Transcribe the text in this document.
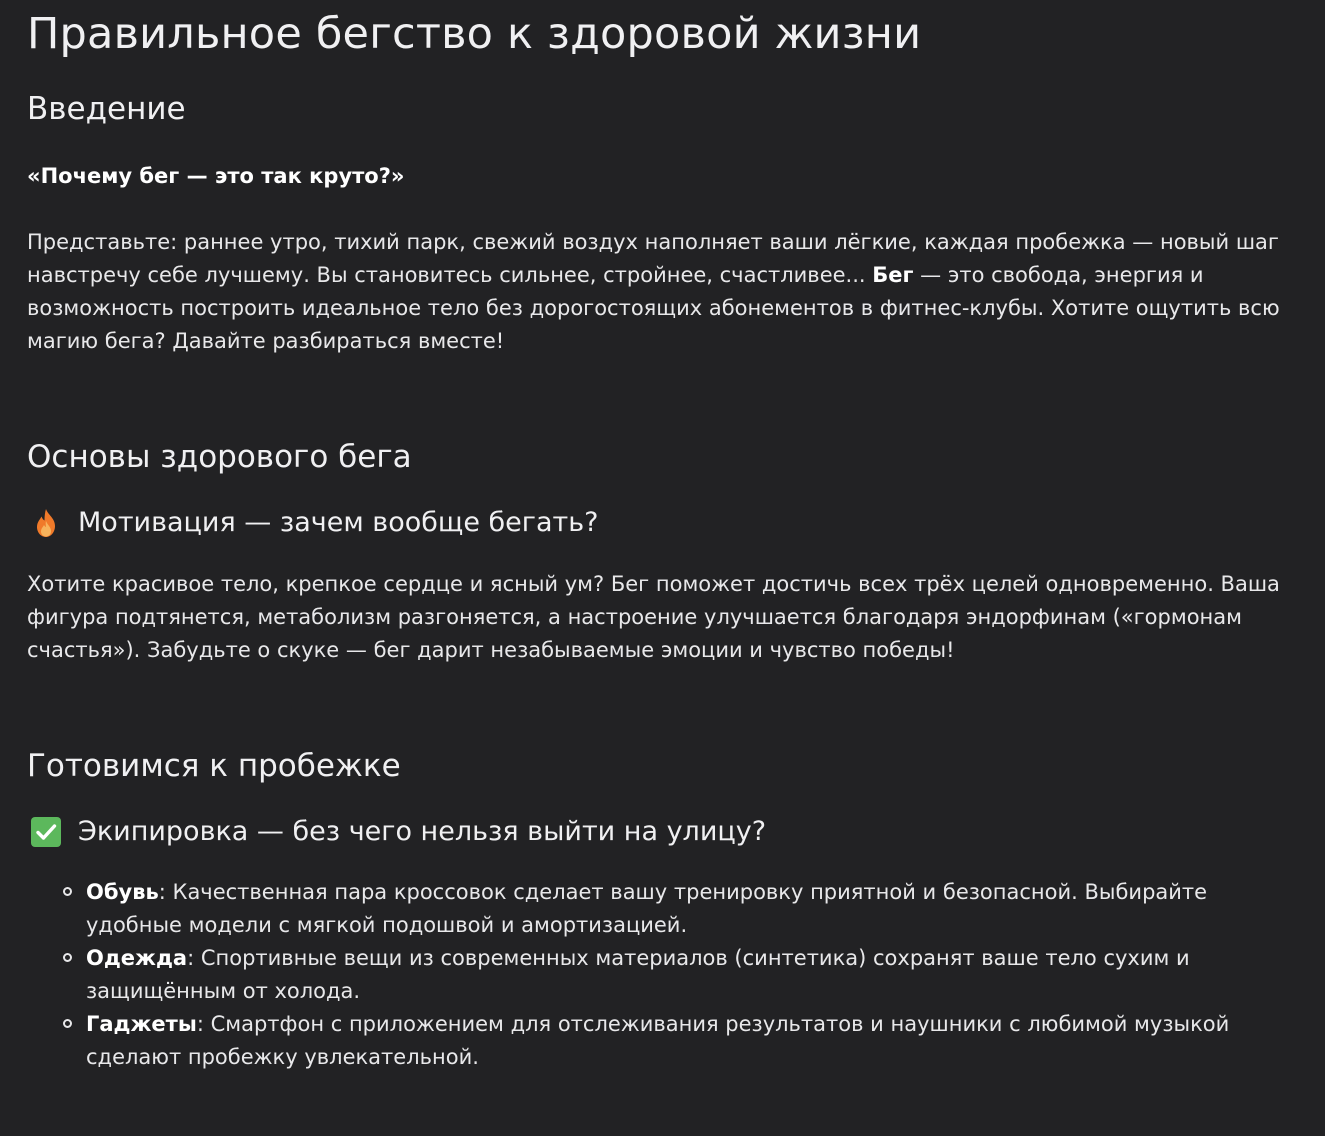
Правильное бегство к здоровой жизни
Введение

«Почему бег — это так круто?»

Представьте: раннее утро, тихий парк, свежий воздух наполняет ваши лёгкие, каждая пробежка — новый шаг навстречу себе лучшему. Вы становитесь сильнее, стройнее, счастливее... Бег — это свобода, энергия и возможность построить идеальное тело без дорогостоящих абонементов в фитнес-клубы. Хотите ощутить всю магию бега? Давайте разбираться вместе!

Основы здорового бега
Мотивация — зачем вообще бегать?

Хотите красивое тело, крепкое сердце и ясный ум? Бег поможет достичь всех трёх целей одновременно. Ваша фигура подтянется, метаболизм разгоняется, а настроение улучшается благодаря эндорфинам («гормонам счастья»). Забудьте о скуке — бег дарит незабываемые эмоции и чувство победы!

Готовимся к пробежке
Экипировка — без чего нельзя выйти на улицу?
Обувь: Качественная пара кроссовок сделает вашу тренировку приятной и безопасной. Выбирайте удобные модели с мягкой подошвой и амортизацией.
Одежда: Спортивные вещи из современных материалов (синтетика) сохранят ваше тело сухим и защищённым от холода.
Гаджеты: Смартфон с приложением для отслеживания результатов и наушники с любимой музыкой сделают пробежку увлекательной.
